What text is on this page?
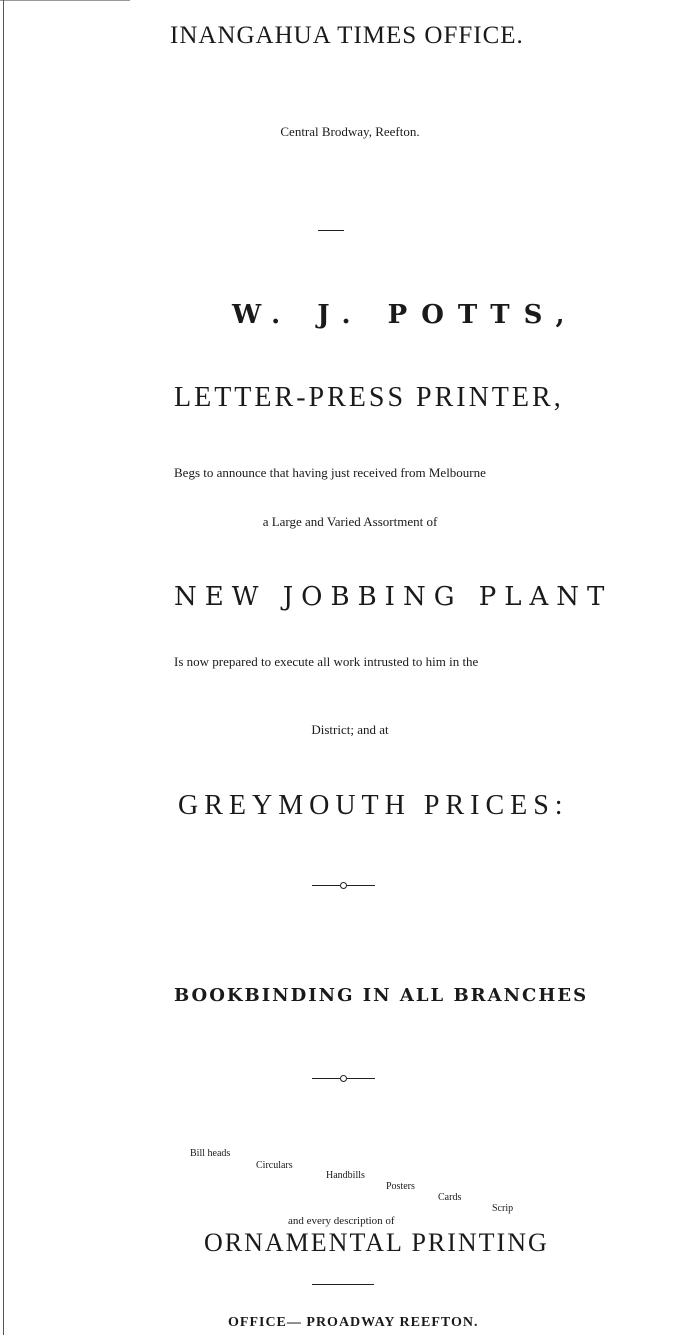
INANGAHUA TIMES OFFICE.
Central Brodway, Reefton.
W. J. POTTS,
LETTER-PRESS PRINTER,
Begs to announce that having just received from Melbourne
a Large and Varied Assortment of
NEW JOBBING PLANT
Is now prepared to execute all work intrusted to him in the
District; and at
GREYMOUTH PRICES:
BOOKBINDING IN ALL BRANCHES
Bill heads
Circulars
Handbills
Posters
Cards
Scrip
and every description of
ORNAMENTAL PRINTING
OFFICE— PROADWAY REEFTON.
